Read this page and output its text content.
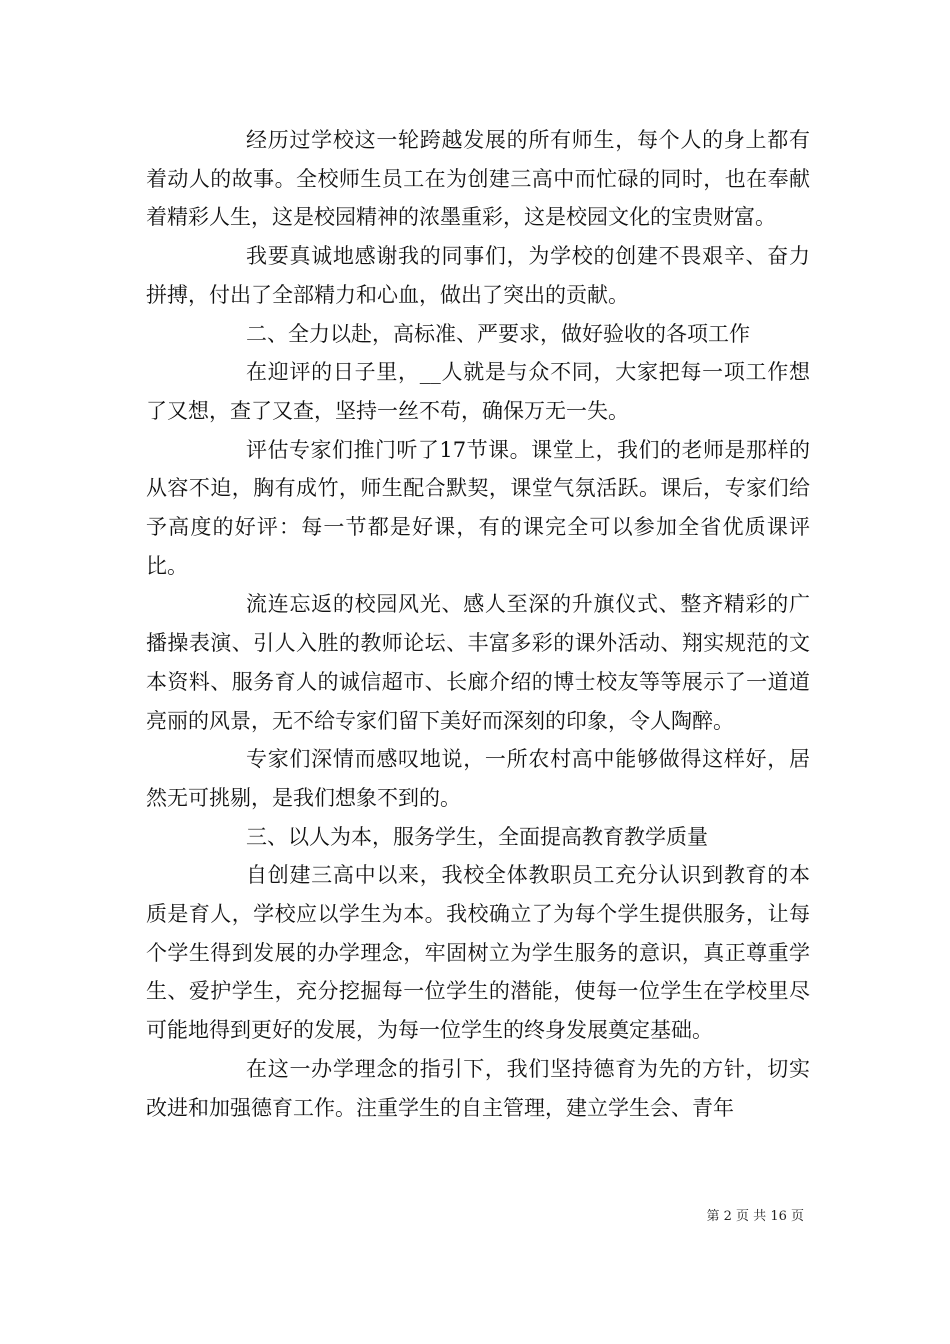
经历过学校这一轮跨越发展的所有师生，每个人的身上都有着动人的故事。全校师生员工在为创建三高中而忙碌的同时，也在奉献着精彩人生，这是校园精神的浓墨重彩，这是校园文化的宝贵财富。

我要真诚地感谢我的同事们，为学校的创建不畏艰辛、奋力拼搏，付出了全部精力和心血，做出了突出的贡献。

二、全力以赴，高标准、严要求，做好验收的各项工作

在迎评的日子里，__人就是与众不同，大家把每一项工作想了又想，查了又查，坚持一丝不苟，确保万无一失。

评估专家们推门听了17节课。课堂上，我们的老师是那样的从容不迫，胸有成竹，师生配合默契，课堂气氛活跃。课后，专家们给予高度的好评：每一节都是好课，有的课完全可以参加全省优质课评比。

流连忘返的校园风光、感人至深的升旗仪式、整齐精彩的广播操表演、引人入胜的教师论坛、丰富多彩的课外活动、翔实规范的文本资料、服务育人的诚信超市、长廊介绍的博士校友等等展示了一道道亮丽的风景，无不给专家们留下美好而深刻的印象，令人陶醉。

专家们深情而感叹地说，一所农村高中能够做得这样好，居然无可挑剔，是我们想象不到的。

三、以人为本，服务学生，全面提高教育教学质量

自创建三高中以来，我校全体教职员工充分认识到教育的本质是育人，学校应以学生为本。我校确立了为每个学生提供服务，让每个学生得到发展的办学理念，牢固树立为学生服务的意识，真正尊重学生、爱护学生，充分挖掘每一位学生的潜能，使每一位学生在学校里尽可能地得到更好的发展，为每一位学生的终身发展奠定基础。

在这一办学理念的指引下，我们坚持德育为先的方针，切实改进和加强德育工作。注重学生的自主管理，建立学生会、青年

第 2 页 共 16 页
